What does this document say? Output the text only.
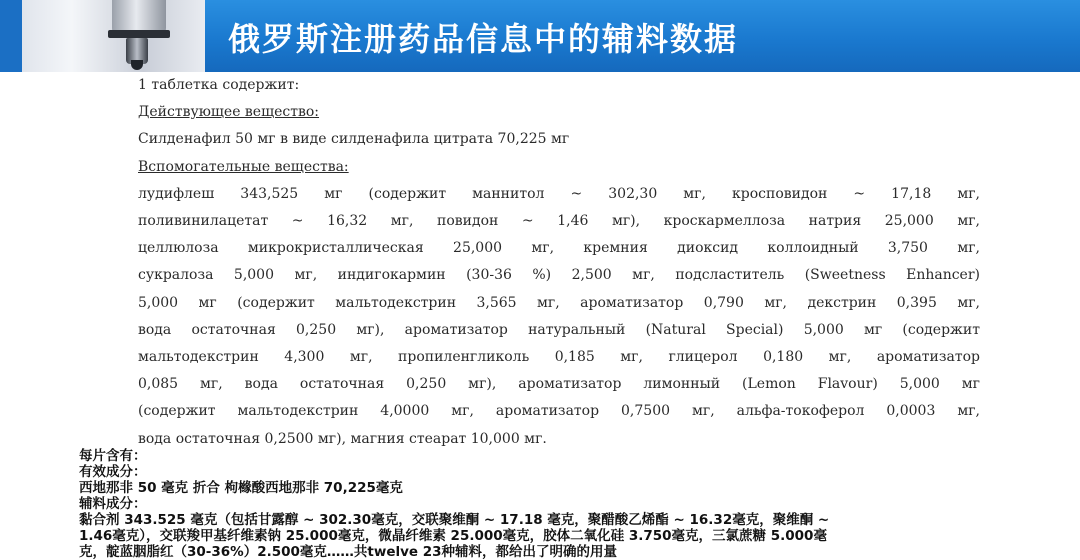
俄罗斯注册药品信息中的辅料数据

1 таблетка содержит:

Действующее вещество:

Силденафил 50 мг в виде силденафила цитрата 70,225 мг

Вспомогательные вещества:

лудифлеш 343,525 мг (содержит маннитол ~ 302,30 мг, кросповидон ~ 17,18 мг,

поливинилацетат ~ 16,32 мг, повидон ~ 1,46 мг), кроскармеллоза натрия 25,000 мг,

целлюлоза микрокристаллическая 25,000 мг, кремния диоксид коллоидный 3,750 мг,

сукралоза 5,000 мг, индигокармин (30-36 %) 2,500 мг, подсластитель (Sweetness Enhancer)

5,000 мг (содержит мальтодекстрин 3,565 мг, ароматизатор 0,790 мг, декстрин 0,395 мг,

вода остаточная 0,250 мг), ароматизатор натуральный (Natural Special) 5,000 мг (содержит

мальтодекстрин 4,300 мг, пропиленгликоль 0,185 мг, глицерол 0,180 мг, ароматизатор

0,085 мг, вода остаточная 0,250 мг), ароматизатор лимонный (Lemon Flavour) 5,000 мг

(содержит мальтодекстрин 4,0000 мг, ароматизатор 0,7500 мг, альфа-токоферол 0,0003 мг,

вода остаточная 0,2500 мг), магния стеарат 10,000 мг.

每片含有：

有效成分：

西地那非 50 毫克 折合 枸橼酸西地那非 70,225毫克

辅料成分：

黏合剂 343.525 毫克（包括甘露醇 ~ 302.30毫克，交联聚维酮 ~ 17.18 毫克，聚醋酸乙烯酯 ~ 16.32毫克，聚维酮 ~

1.46毫克），交联羧甲基纤维素钠 25.000毫克，微晶纤维素 25.000毫克，胶体二氧化硅 3.750毫克，三氯蔗糖 5.000毫

克，靛蓝胭脂红（30-36%）2.500毫克……共twelve 23种辅料，都给出了明确的用量
